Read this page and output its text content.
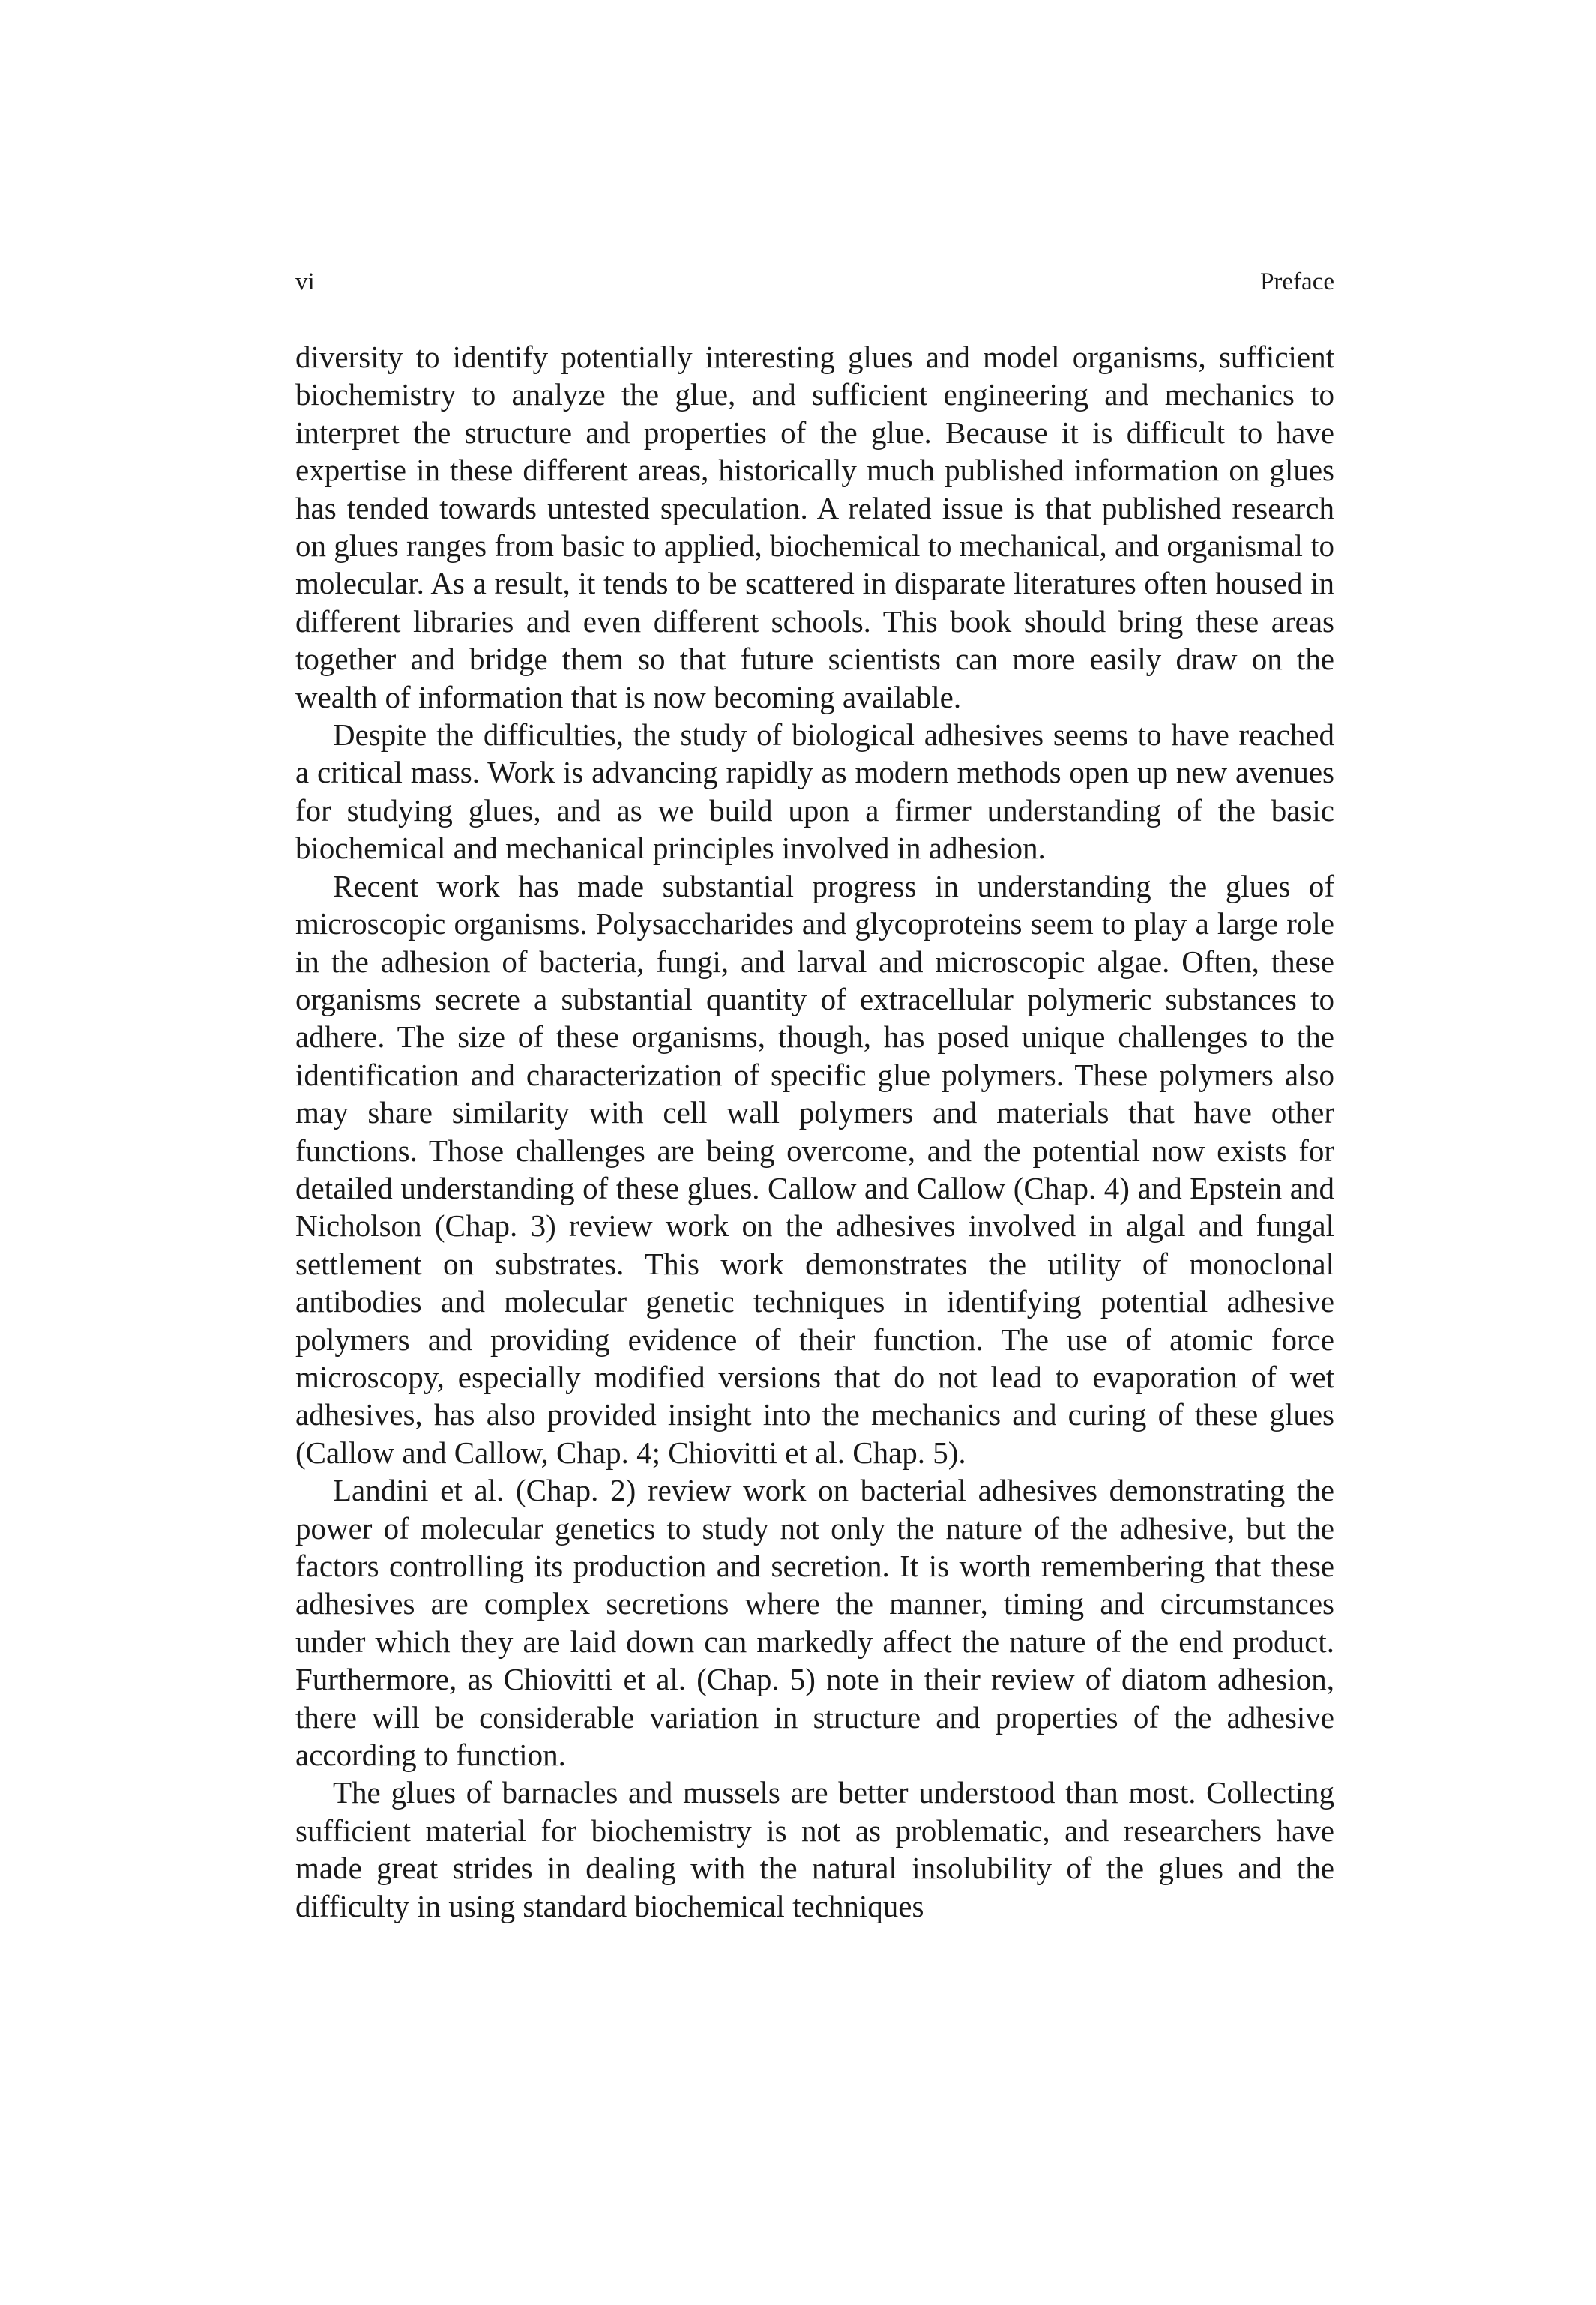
vi	Preface

diversity to identify potentially interesting glues and model organisms, sufficient biochemistry to analyze the glue, and sufficient engineering and mechanics to interpret the structure and properties of the glue. Because it is difficult to have expertise in these different areas, historically much published information on glues has tended towards untested speculation. A related issue is that published research on glues ranges from basic to applied, biochemical to mechanical, and organismal to molecular. As a result, it tends to be scattered in disparate literatures often housed in different libraries and even different schools. This book should bring these areas together and bridge them so that future scientists can more easily draw on the wealth of information that is now becoming available.

Despite the difficulties, the study of biological adhesives seems to have reached a critical mass. Work is advancing rapidly as modern methods open up new avenues for studying glues, and as we build upon a firmer understanding of the basic biochemical and mechanical principles involved in adhesion.

Recent work has made substantial progress in understanding the glues of microscopic organisms. Polysaccharides and glycoproteins seem to play a large role in the adhesion of bacteria, fungi, and larval and microscopic algae. Often, these organisms secrete a substantial quantity of extracellular polymeric substances to adhere. The size of these organisms, though, has posed unique challenges to the identification and characterization of specific glue polymers. These polymers also may share similarity with cell wall polymers and materials that have other functions. Those challenges are being overcome, and the potential now exists for detailed understanding of these glues. Callow and Callow (Chap. 4) and Epstein and Nicholson (Chap. 3) review work on the adhesives involved in algal and fungal settlement on substrates. This work demonstrates the utility of monoclonal antibodies and molecular genetic techniques in identifying potential adhesive polymers and providing evidence of their function. The use of atomic force microscopy, especially modified versions that do not lead to evaporation of wet adhesives, has also provided insight into the mechanics and curing of these glues (Callow and Callow, Chap. 4; Chiovitti et al. Chap. 5).

Landini et al. (Chap. 2) review work on bacterial adhesives demonstrating the power of molecular genetics to study not only the nature of the adhesive, but the factors controlling its production and secretion. It is worth remembering that these adhesives are complex secretions where the manner, timing and circumstances under which they are laid down can markedly affect the nature of the end product. Furthermore, as Chiovitti et al. (Chap. 5) note in their review of diatom adhesion, there will be considerable variation in structure and properties of the adhesive according to function.

The glues of barnacles and mussels are better understood than most. Collecting sufficient material for biochemistry is not as problematic, and researchers have made great strides in dealing with the natural insolubility of the glues and the difficulty in using standard biochemical techniques
